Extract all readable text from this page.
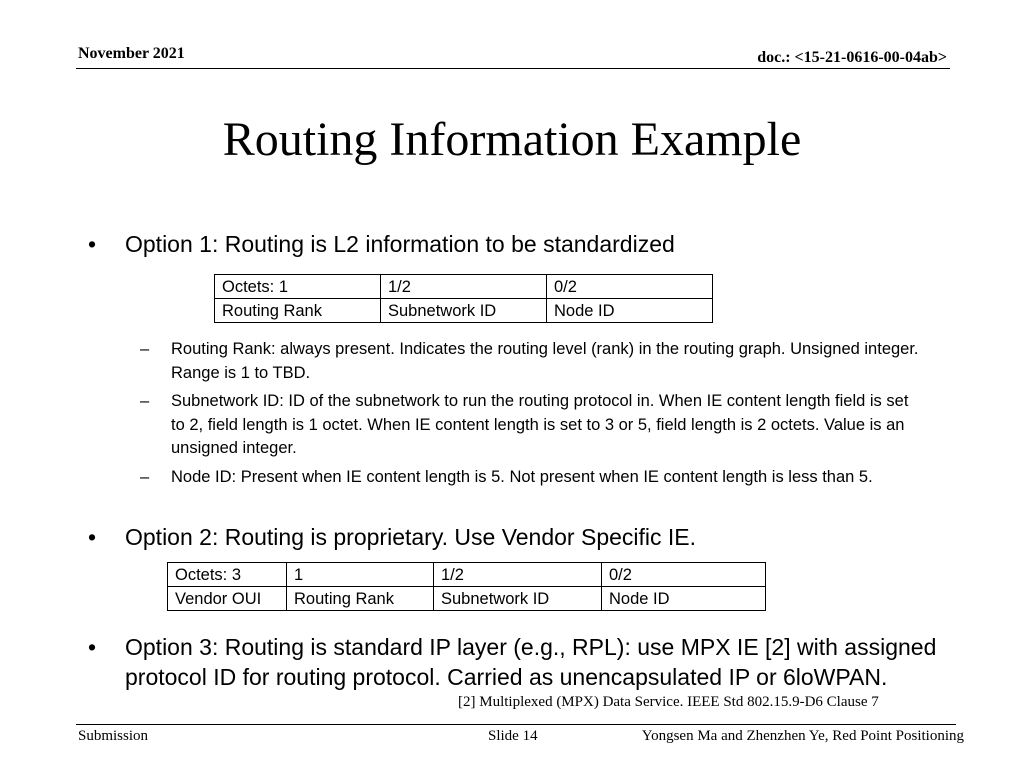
November 2021	doc.: <15-21-0616-00-04ab>
Routing Information Example
• Option 1: Routing is L2 information to be standardized
Octets: 1	1/2	0/2
Routing Rank	Subnetwork ID	Node ID
– Routing Rank: always present. Indicates the routing level (rank) in the routing graph. Unsigned integer. Range is 1 to TBD.
– Subnetwork ID: ID of the subnetwork to run the routing protocol in. When IE content length field is set to 2, field length is 1 octet. When IE content length is set to 3 or 5, field length is 2 octets. Value is an unsigned integer.
– Node ID: Present when IE content length is 5. Not present when IE content length is less than 5.
• Option 2: Routing is proprietary. Use Vendor Specific IE.
Octets: 3	1	1/2	0/2
Vendor OUI	Routing Rank	Subnetwork ID	Node ID
• Option 3: Routing is standard IP layer (e.g., RPL): use MPX IE [2] with assigned protocol ID for routing protocol. Carried as unencapsulated IP or 6loWPAN.
[2] Multiplexed (MPX) Data Service. IEEE Std 802.15.9-D6 Clause 7
Submission	Slide 14	Yongsen Ma and Zhenzhen Ye, Red Point Positioning
